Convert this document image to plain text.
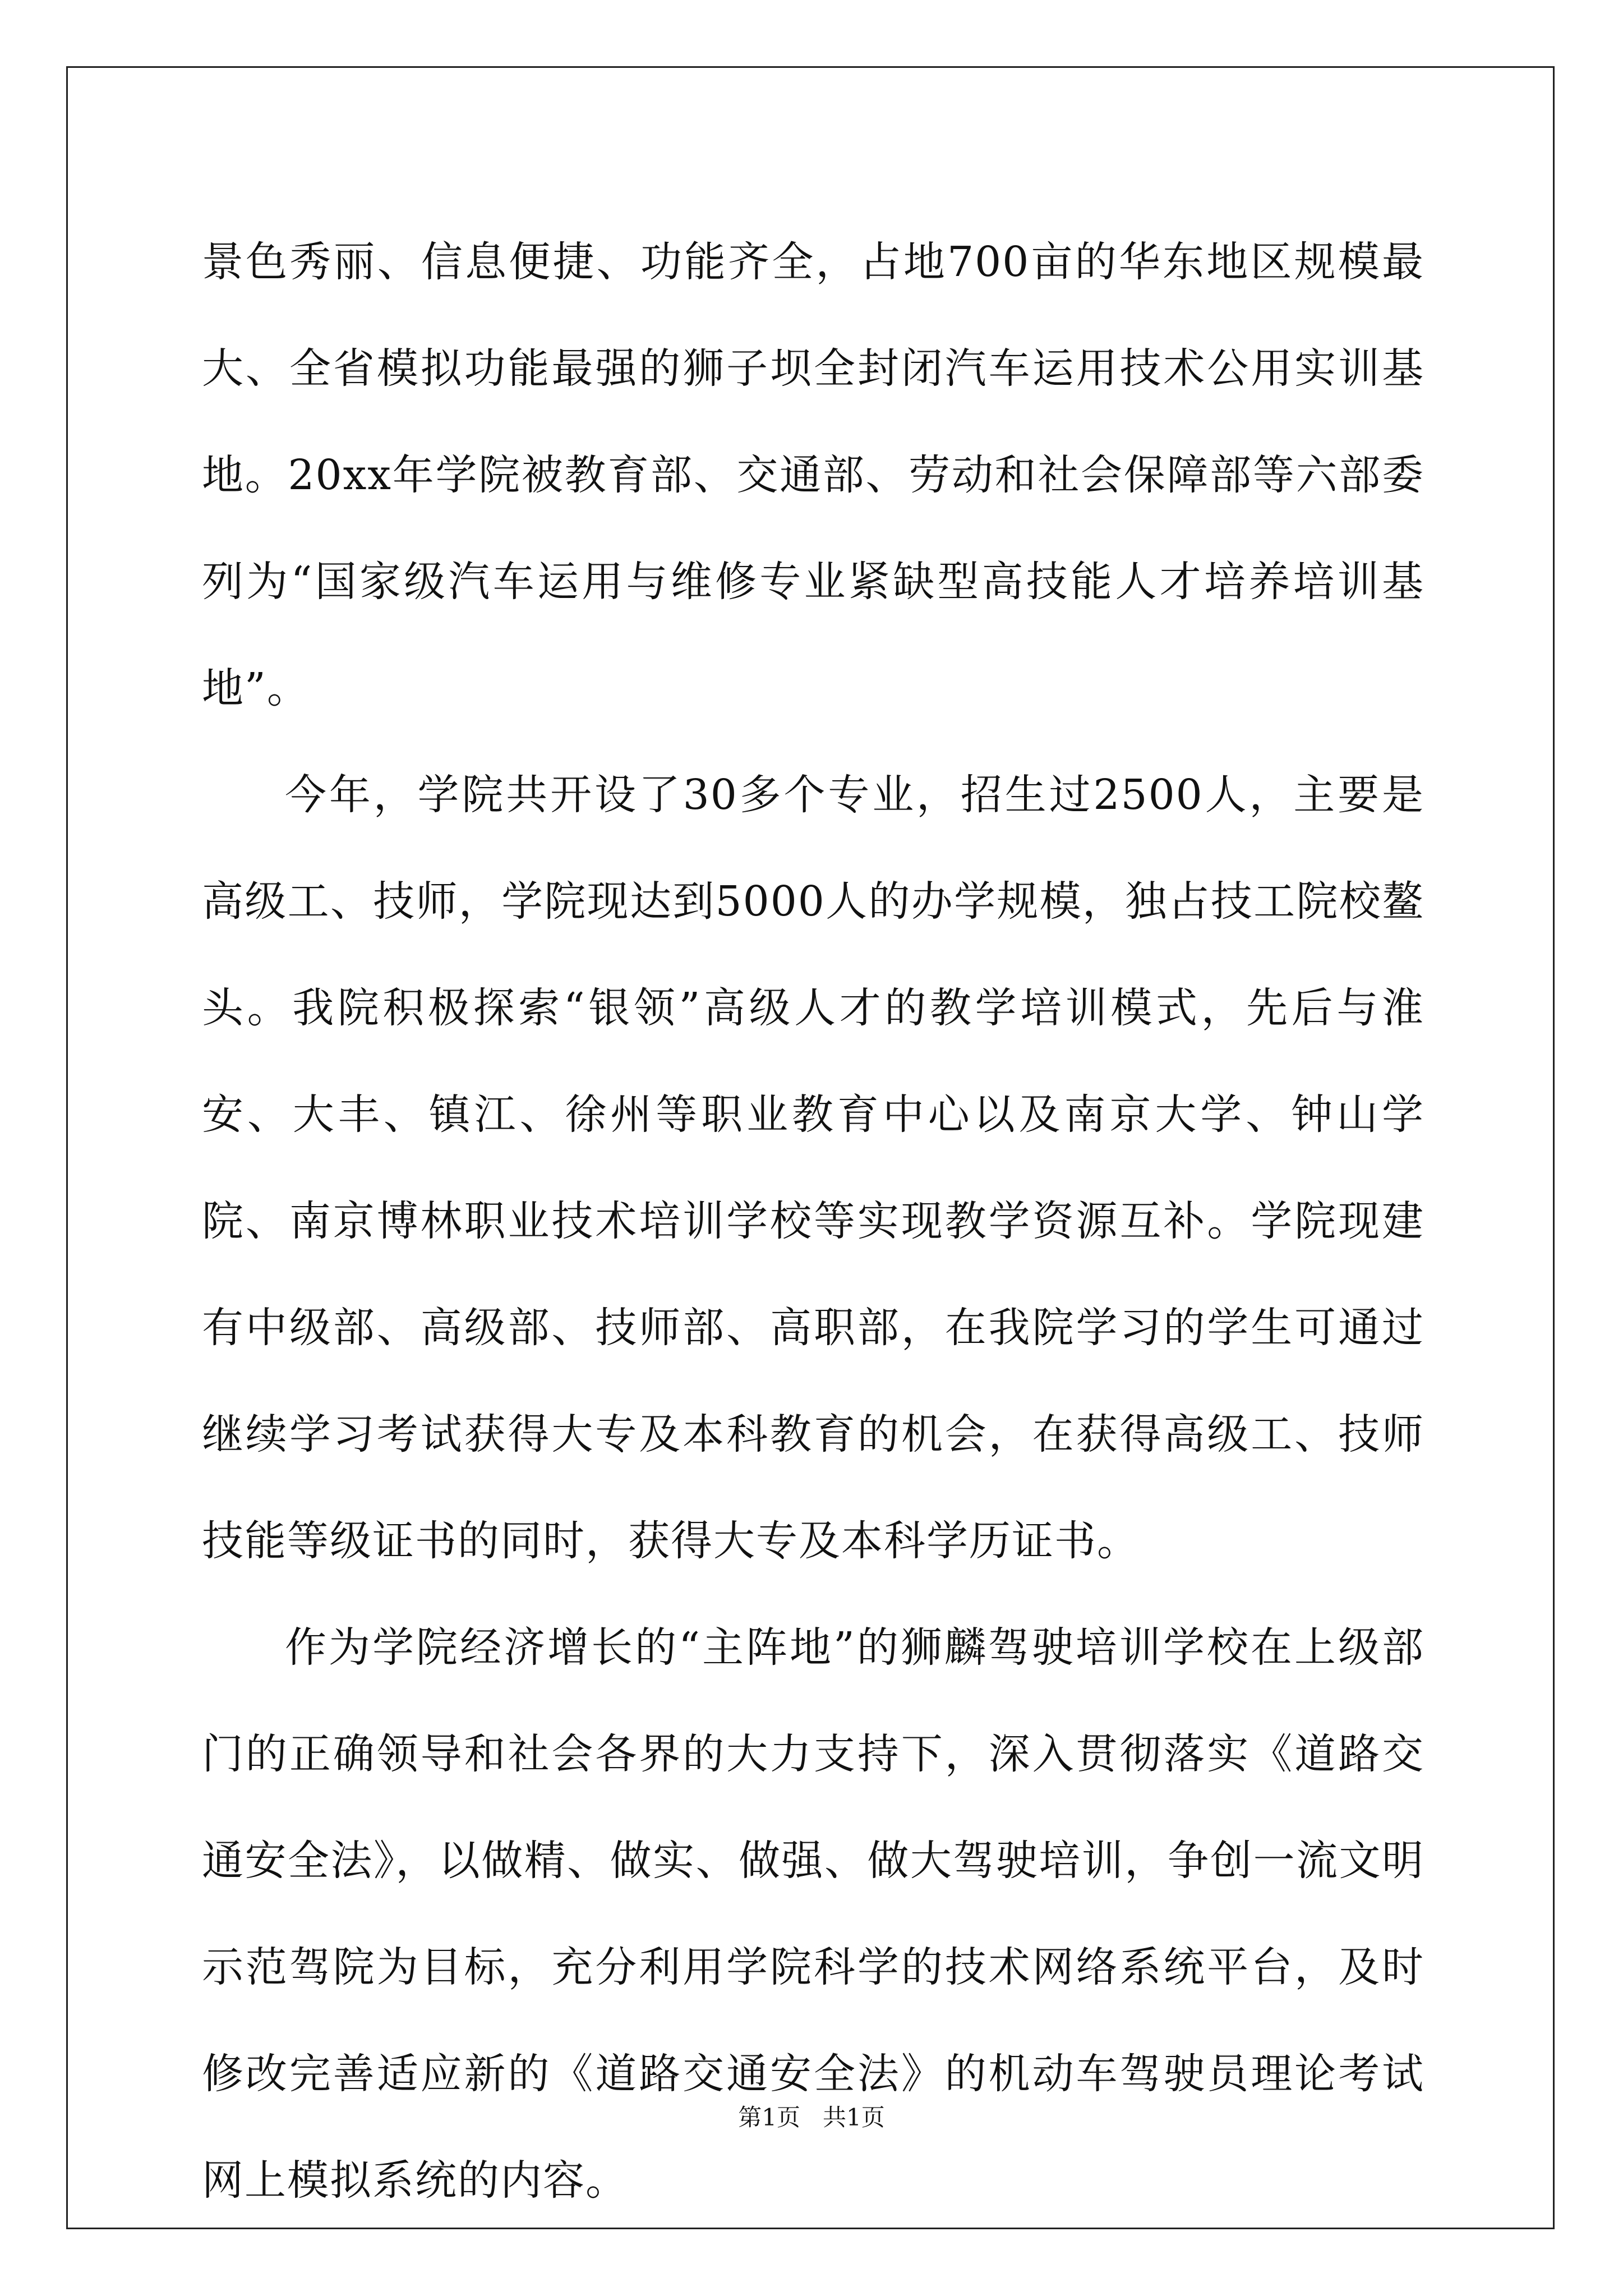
景色秀丽、信息便捷、功能齐全，占地700亩的华东地区规模最大、全省模拟功能最强的狮子坝全封闭汽车运用技术公用实训基地。20xx年学院被教育部、交通部、劳动和社会保障部等六部委列为“国家级汽车运用与维修专业紧缺型高技能人才培养培训基地”。

今年，学院共开设了30多个专业，招生过2500人，主要是高级工、技师，学院现达到5000人的办学规模，独占技工院校鳌头。我院积极探索“银领”高级人才的教学培训模式，先后与淮安、大丰、镇江、徐州等职业教育中心以及南京大学、钟山学院、南京博林职业技术培训学校等实现教学资源互补。学院现建有中级部、高级部、技师部、高职部，在我院学习的学生可通过继续学习考试获得大专及本科教育的机会，在获得高级工、技师技能等级证书的同时，获得大专及本科学历证书。

作为学院经济增长的“主阵地”的狮麟驾驶培训学校在上级部门的正确领导和社会各界的大力支持下，深入贯彻落实《道路交通安全法》，以做精、做实、做强、做大驾驶培训，争创一流文明示范驾院为目标，充分利用学院科学的技术网络系统平台，及时修改完善适应新的《道路交通安全法》的机动车驾驶员理论考试网上模拟系统的内容。

第1页 共1页
